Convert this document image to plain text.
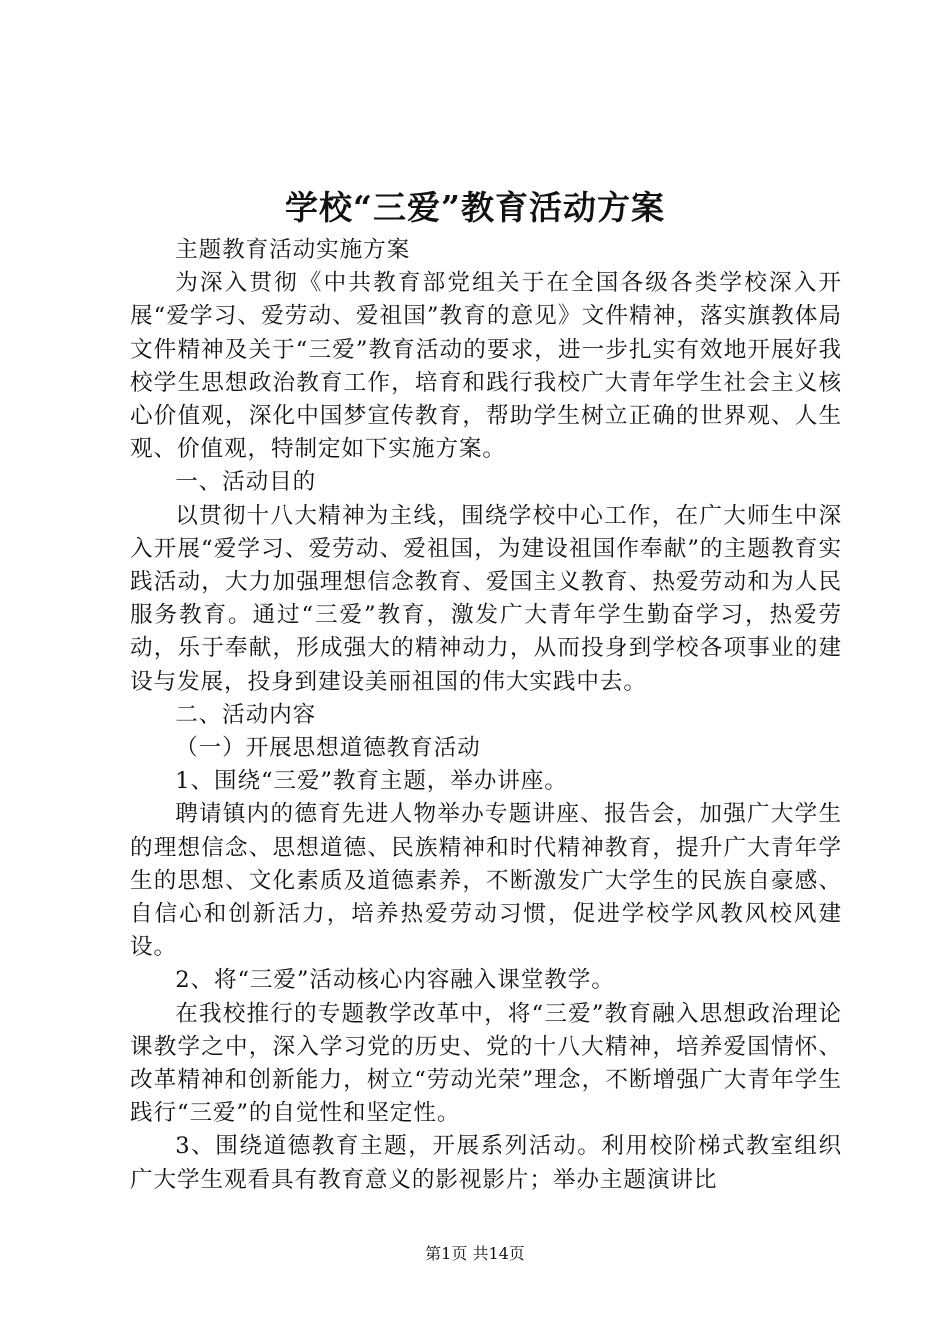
学校“三爱”教育活动方案

主题教育活动实施方案

为深入贯彻《中共教育部党组关于在全国各级各类学校深入开展“爱学习、爱劳动、爱祖国”教育的意见》文件精神，落实旗教体局文件精神及关于“三爱”教育活动的要求，进一步扎实有效地开展好我校学生思想政治教育工作，培育和践行我校广大青年学生社会主义核心价值观，深化中国梦宣传教育，帮助学生树立正确的世界观、人生观、价值观，特制定如下实施方案。

一、活动目的

以贯彻十八大精神为主线，围绕学校中心工作，在广大师生中深入开展“爱学习、爱劳动、爱祖国，为建设祖国作奉献”的主题教育实践活动，大力加强理想信念教育、爱国主义教育、热爱劳动和为人民服务教育。通过“三爱”教育，激发广大青年学生勤奋学习，热爱劳动，乐于奉献，形成强大的精神动力，从而投身到学校各项事业的建设与发展，投身到建设美丽祖国的伟大实践中去。

二、活动内容

（一）开展思想道德教育活动

1、围绕“三爱”教育主题，举办讲座。

聘请镇内的德育先进人物举办专题讲座、报告会，加强广大学生的理想信念、思想道德、民族精神和时代精神教育，提升广大青年学生的思想、文化素质及道德素养，不断激发广大学生的民族自豪感、自信心和创新活力，培养热爱劳动习惯，促进学校学风教风校风建设。

2、将“三爱”活动核心内容融入课堂教学。

在我校推行的专题教学改革中，将“三爱”教育融入思想政治理论课教学之中，深入学习党的历史、党的十八大精神，培养爱国情怀、改革精神和创新能力，树立“劳动光荣”理念，不断增强广大青年学生践行“三爱”的自觉性和坚定性。

3、围绕道德教育主题，开展系列活动。利用校阶梯式教室组织广大学生观看具有教育意义的影视影片；举办主题演讲比

第1页 共14页
